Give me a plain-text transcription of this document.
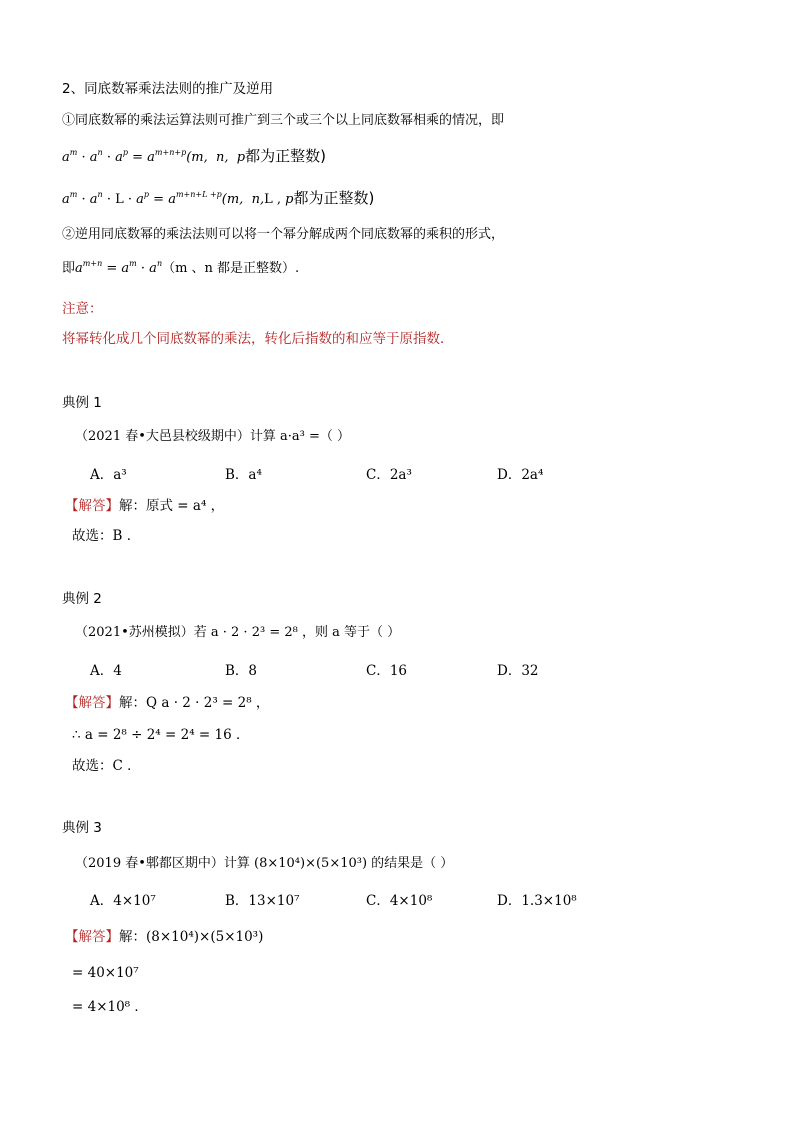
2、同底数幂乘法法则的推广及逆用
①同底数幂的乘法运算法则可推广到三个或三个以上同底数幂相乘的情况，即
$a^m \cdot a^n \cdot a^p = a^{m+n+p}(m$,  n,  p都为正整数)
$a^m \cdot a^n \cdot L \cdot a^p = a^{m+n+L +p}(m$,  n,L , p都为正整数)
②逆用同底数幂的乘法法则可以将一个幂分解成两个同底数幂的乘积的形式，
即$a^{m+n} = a^m \cdot a^n(m$ 、n 都是正整数）.
注意：
将幂转化成几个同底数幂的乘法，转化后指数的和应等于原指数．
典例 1
（2021 春•大邑县校级期中）计算 a·a³ =（ ）
A．a³	B．a⁴	C．2a³	D．2a⁴
【解答】解：原式 = a⁴ ，
故选：B ．
典例 2
（2021•苏州模拟）若 a · 2 · 2³ = 2⁸ ，则 a 等于（ ）
A．4	B．8	C．16	D．32
【解答】解：Q a · 2 · 2³ = 2⁸ ，
∴ a = 2⁸ ÷ 2⁴ = 2⁴ = 16 ．
故选：C ．
典例 3
（2019 春•郫都区期中）计算 (8×10⁴)×(5×10³) 的结果是（ ）
A．4×10⁷	B．13×10⁷	C．4×10⁸	D．1.3×10⁸
【解答】解：(8×10⁴)×(5×10³)
= 40×10⁷
= 4×10⁸ ．
